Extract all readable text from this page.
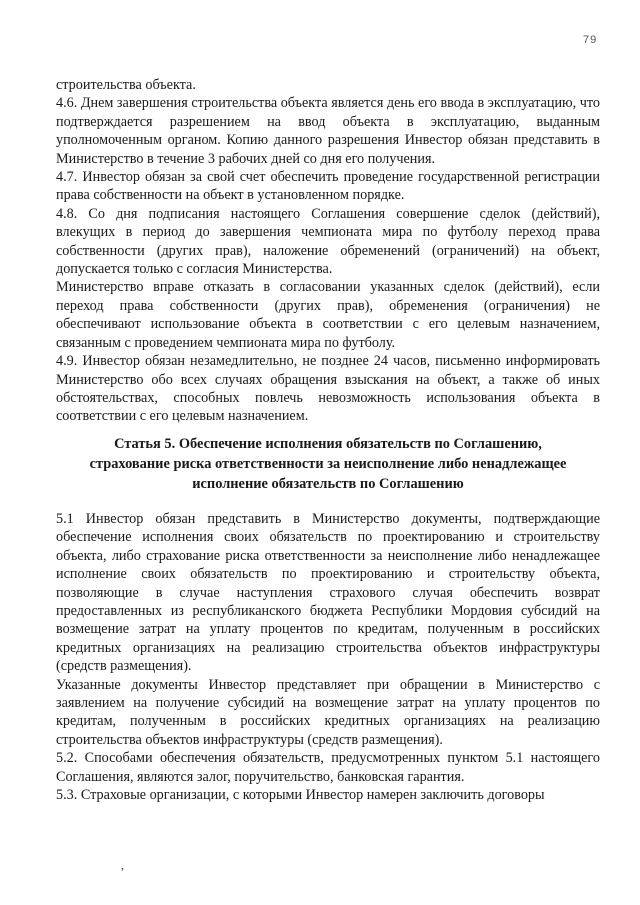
79

строительства объекта.

4.6. Днем завершения строительства объекта является день его ввода в эксплуатацию, что подтверждается разрешением на ввод объекта в эксплуатацию, выданным уполномоченным органом. Копию данного разрешения Инвестор обязан представить в Министерство в течение 3 рабочих дней со дня его получения.

4.7. Инвестор обязан за свой счет обеспечить проведение государственной регистрации права собственности на объект в установленном порядке.

4.8. Со дня подписания настоящего Соглашения совершение сделок (действий), влекущих в период до завершения чемпионата мира по футболу переход права собственности (других прав), наложение обременений (ограничений) на объект, допускается только с согласия Министерства.

Министерство вправе отказать в согласовании указанных сделок (действий), если переход права собственности (других прав), обременения (ограничения) не обеспечивают использование объекта в соответствии с его целевым назначением, связанным с проведением чемпионата мира по футболу.

4.9. Инвестор обязан незамедлительно, не позднее 24 часов, письменно информировать Министерство обо всех случаях обращения взыскания на объект, а также об иных обстоятельствах, способных повлечь невозможность использования объекта в соответствии с его целевым назначением.

Статья 5. Обеспечение исполнения обязательств по Соглашению,
страхование риска ответственности за неисполнение либо ненадлежащее
исполнение обязательств по Соглашению

5.1 Инвестор обязан представить в Министерство документы, подтверждающие обеспечение исполнения своих обязательств по проектированию и строительству объекта, либо страхование риска ответственности за неисполнение либо ненадлежащее исполнение своих обязательств по проектированию и строительству объекта, позволяющие в случае наступления страхового случая обеспечить возврат предоставленных из республиканского бюджета Республики Мордовия субсидий на возмещение затрат на уплату процентов по кредитам, полученным в российских кредитных организациях на реализацию строительства объектов инфраструктуры (средств размещения).

Указанные документы Инвестор представляет при обращении в Министерство с заявлением на получение субсидий на возмещение затрат на уплату процентов по кредитам, полученным в российских кредитных организациях на реализацию строительства объектов инфраструктуры (средств размещения).

5.2. Способами обеспечения обязательств, предусмотренных пунктом 5.1 настоящего Соглашения, являются залог, поручительство, банковская гарантия.

5.3. Страховые организации, с которыми Инвестор намерен заключить договоры

,
